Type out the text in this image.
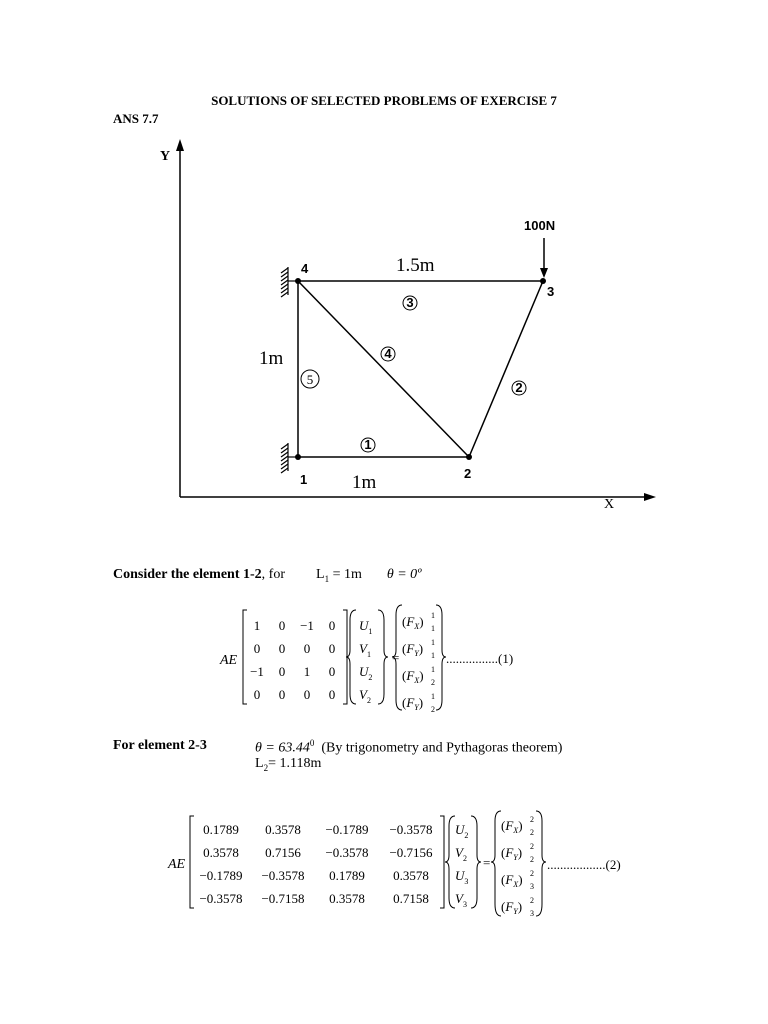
SOLUTIONS OF SELECTED PROBLEMS OF EXERCISE 7
ANS 7.7
Y
X
100N
1	2
3
4
1
2
3
4
5
1.5m
1m
1m
Consider the element 1-2, for $L_1 = 1m$ θ = 0º
AE
1 0 −1 0
0 0 0 0
−1 0 1 0
0 0 0 0
$U_1$
$V_1$
$U_2$
$V_2$
=
$(F_X)$ 1
1
$(F_Y)$ 1
1
$(F_X)$ 1
2
$(F_Y)$ 1
2
................(1)
For element 2-3	$\theta = 63.44^0$ (By trigonometry and Pythagoras theorem)
$L_2= 1.118m$
AE
0.1789 0.3578 −0.1789 −0.3578
0.3578 0.7156 −0.3578 −0.7156
−0.1789 −0.3578 0.1789 0.3578
−0.3578 −0.7158 0.3578 0.7158
$U_2$
$V_2$
$U_3$
$V_3$
=
$(F_X)$ 2
2
$(F_Y)$ 2
2
$(F_X)$ 2
3
$(F_Y)$ 2
3
..................(2)
